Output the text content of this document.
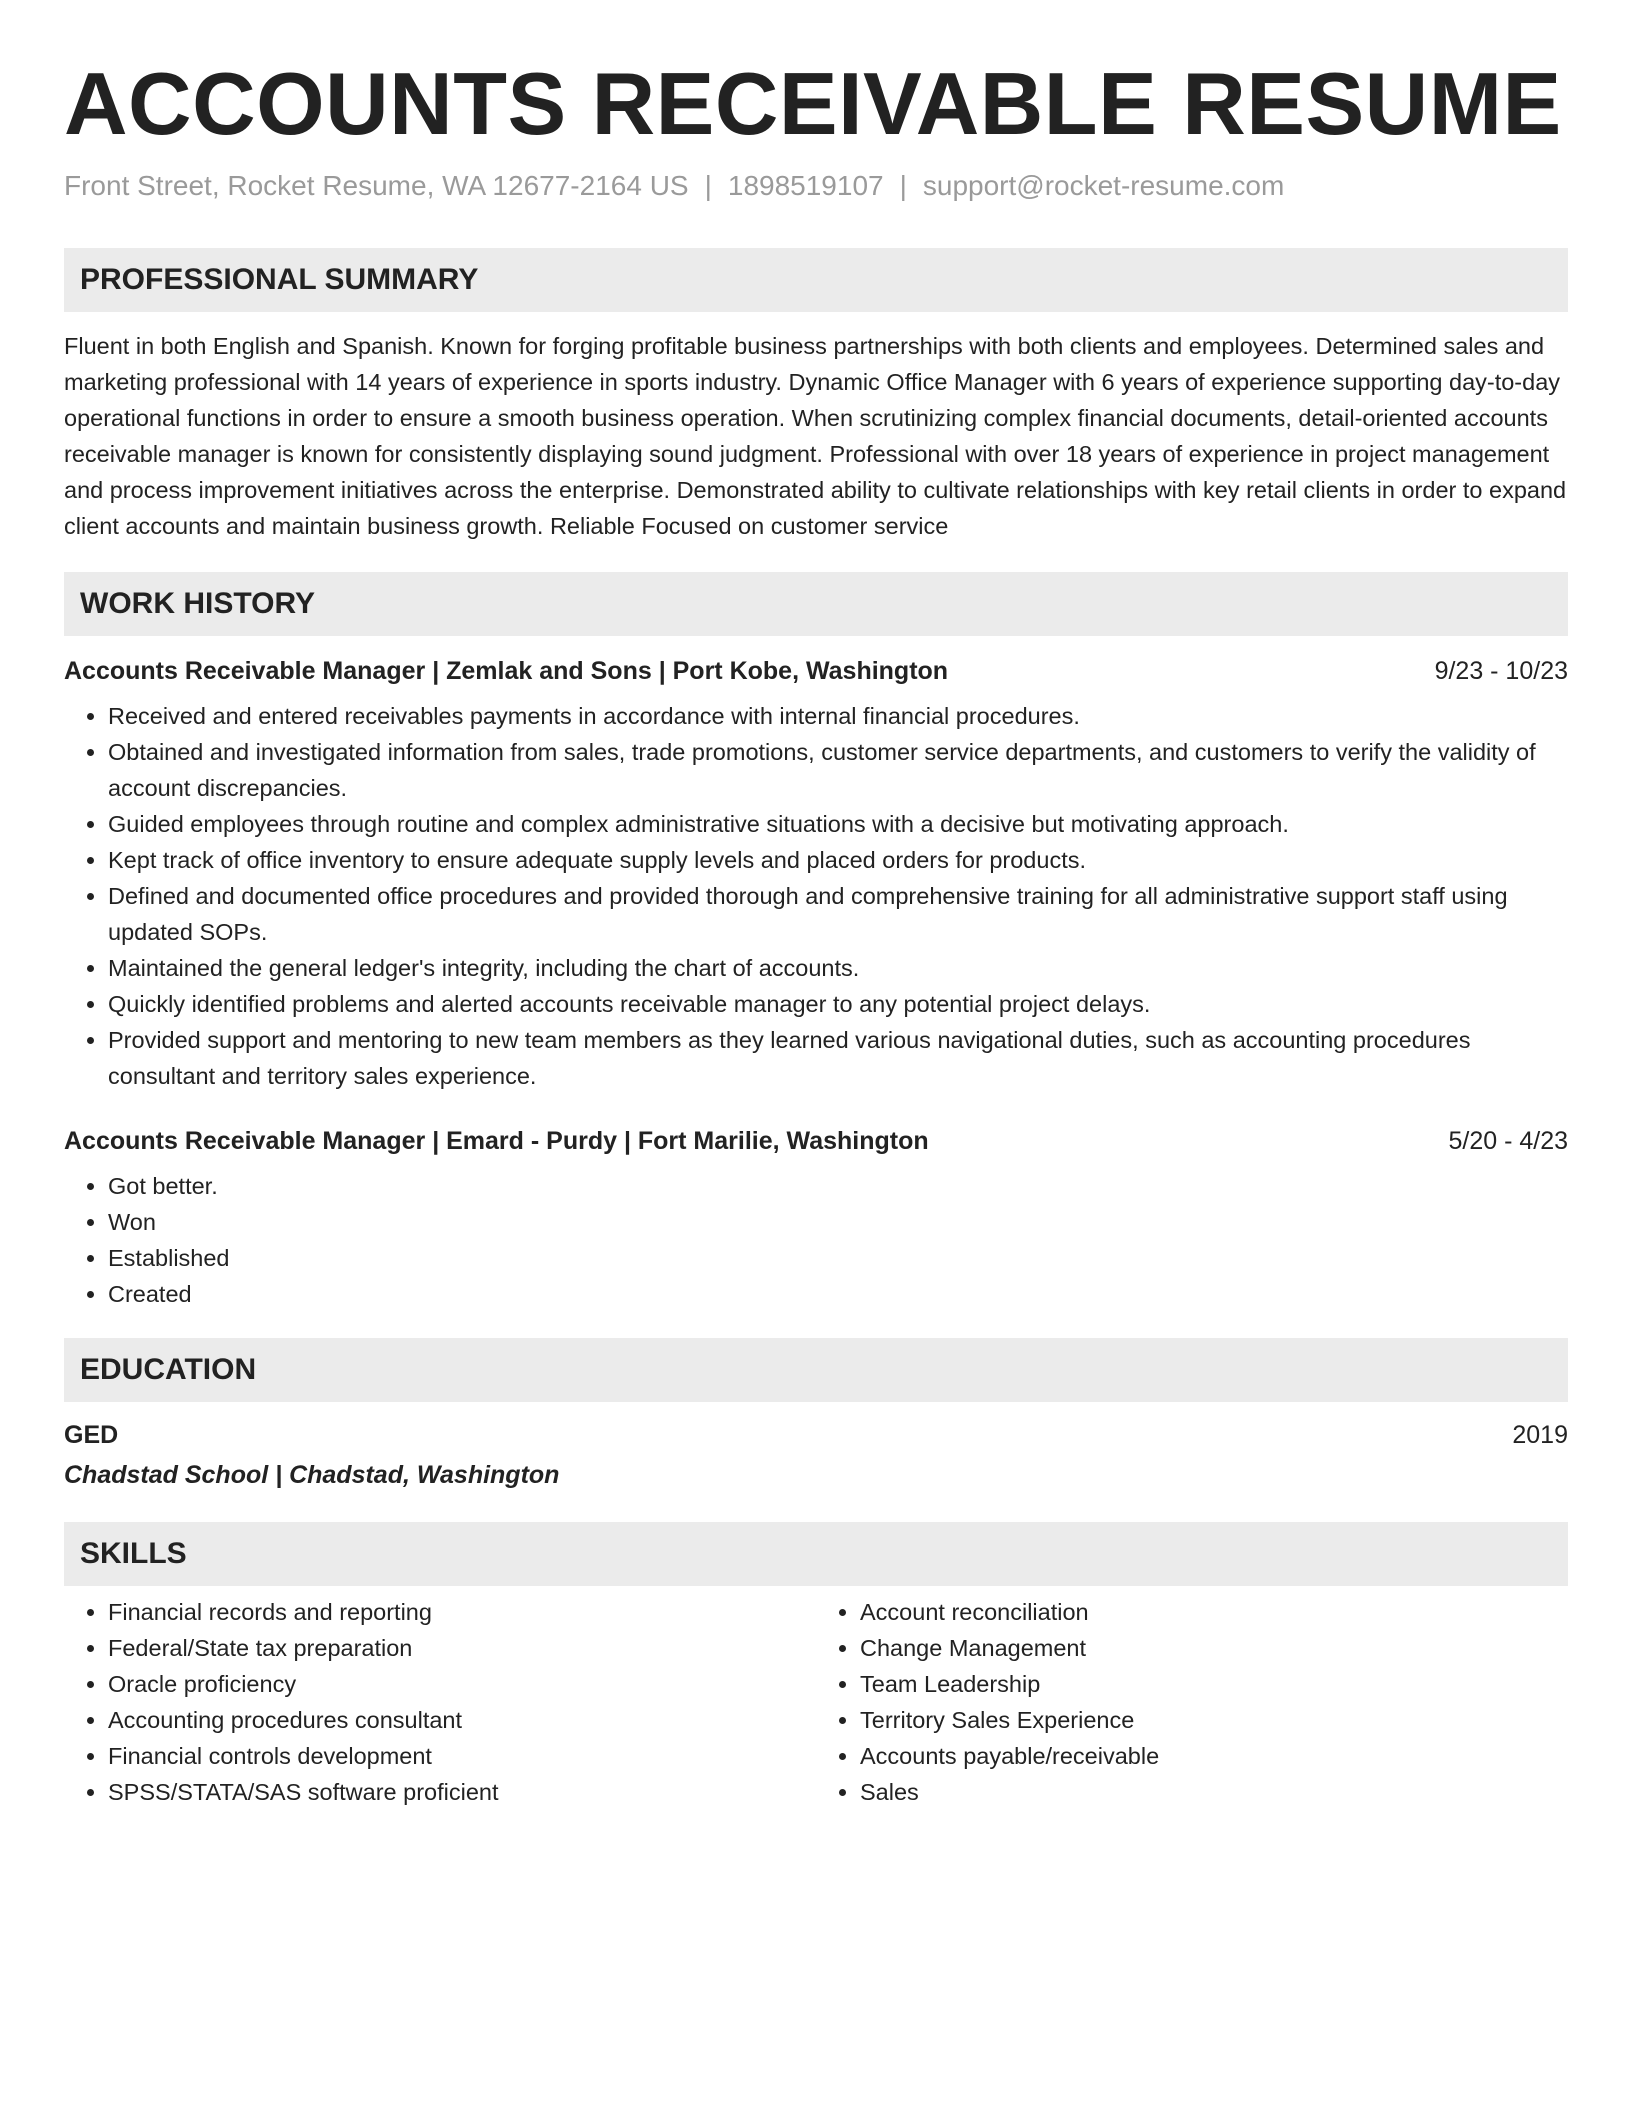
ACCOUNTS RECEIVABLE RESUME
Front Street, Rocket Resume, WA 12677-2164 US | 1898519107 | support@rocket-resume.com
PROFESSIONAL SUMMARY

Fluent in both English and Spanish. Known for forging profitable business partnerships with both clients and employees. Determined sales and marketing professional with 14 years of experience in sports industry. Dynamic Office Manager with 6 years of experience supporting day-to-day operational functions in order to ensure a smooth business operation. When scrutinizing complex financial documents, detail-oriented accounts receivable manager is known for consistently displaying sound judgment. Professional with over 18 years of experience in project management and process improvement initiatives across the enterprise. Demonstrated ability to cultivate relationships with key retail clients in order to expand client accounts and maintain business growth. Reliable Focused on customer service

WORK HISTORY
Accounts Receivable Manager | Zemlak and Sons | Port Kobe, Washington	9/23 - 10/23
• Received and entered receivables payments in accordance with internal financial procedures.
• Obtained and investigated information from sales, trade promotions, customer service departments, and customers to verify the validity of account discrepancies.
• Guided employees through routine and complex administrative situations with a decisive but motivating approach.
• Kept track of office inventory to ensure adequate supply levels and placed orders for products.
• Defined and documented office procedures and provided thorough and comprehensive training for all administrative support staff using updated SOPs.
• Maintained the general ledger's integrity, including the chart of accounts.
• Quickly identified problems and alerted accounts receivable manager to any potential project delays.
• Provided support and mentoring to new team members as they learned various navigational duties, such as accounting procedures consultant and territory sales experience.
Accounts Receivable Manager | Emard - Purdy | Fort Marilie, Washington	5/20 - 4/23
• Got better.
• Won
• Established
• Created
EDUCATION
GED	2019
Chadstad School | Chadstad, Washington
SKILLS
• Financial records and reporting
• Federal/State tax preparation
• Oracle proficiency
• Accounting procedures consultant
• Financial controls development
• SPSS/STATA/SAS software proficient
• Account reconciliation
• Change Management
• Team Leadership
• Territory Sales Experience
• Accounts payable/receivable
• Sales
